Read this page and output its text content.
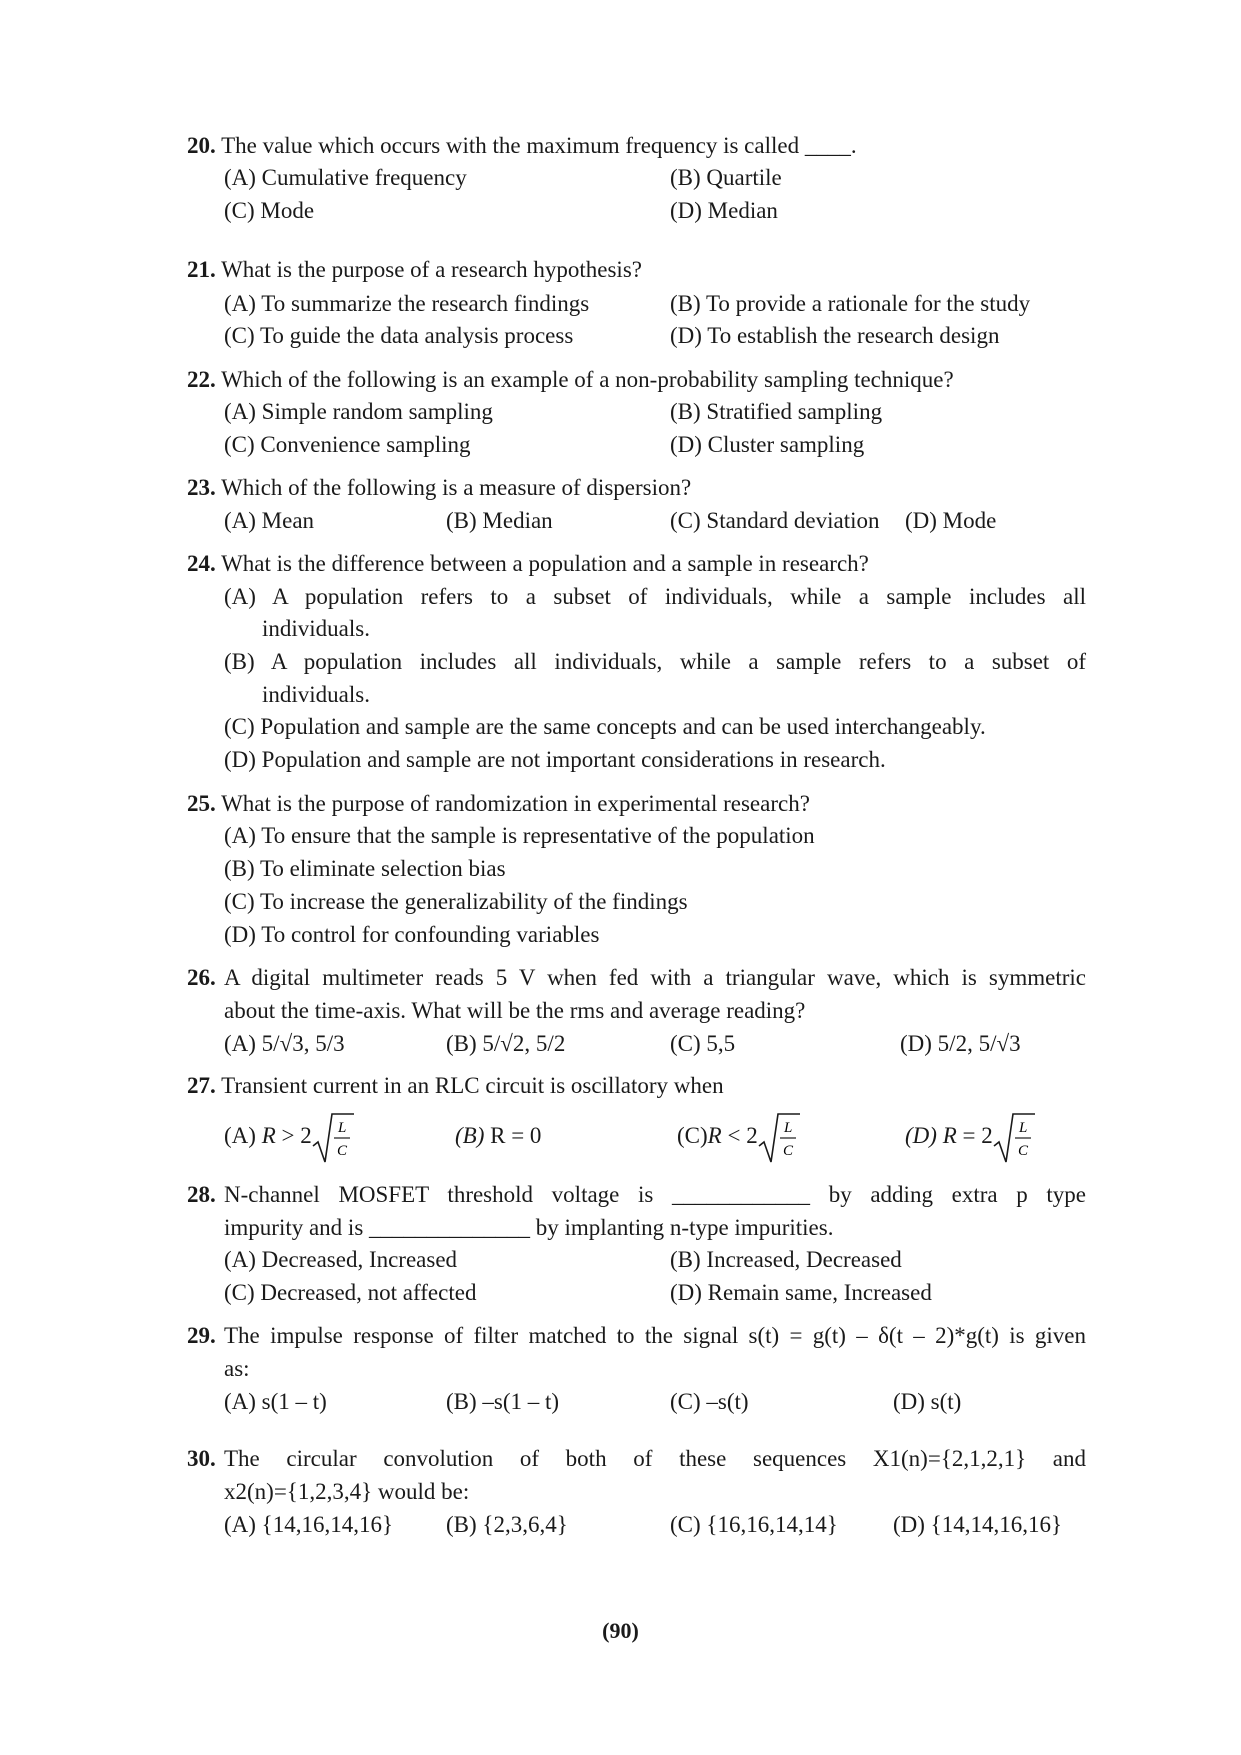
20. The value which occurs with the maximum frequency is called ____.
(A) Cumulative frequency	(B) Quartile
(C) Mode	(D) Median
21. What is the purpose of a research hypothesis?
(A) To summarize the research findings	(B) To provide a rationale for the study
(C) To guide the data analysis process	(D) To establish the research design
22. Which of the following is an example of a non-probability sampling technique?
(A) Simple random sampling	(B) Stratified sampling
(C) Convenience sampling	(D) Cluster sampling
23. Which of the following is a measure of dispersion?
(A) Mean	(B) Median	(C) Standard deviation (D) Mode
24. What is the difference between a population and a sample in research?
(A) A population refers to a subset of individuals, while a sample includes all
individuals.
(B) A population includes all individuals, while a sample refers to a subset of
individuals.
(C) Population and sample are the same concepts and can be used interchangeably.
(D) Population and sample are not important considerations in research.
25. What is the purpose of randomization in experimental research?
(A) To ensure that the sample is representative of the population
(B) To eliminate selection bias
(C) To increase the generalizability of the findings
(D) To control for confounding variables
26. A digital multimeter reads 5 V when fed with a triangular wave, which is symmetric
about the time-axis. What will be the rms and average reading?
(A) 5/√3, 5/3	(B) 5/√2, 5/2	(C) 5,5	(D) 5/2, 5/√3
27. Transient current in an RLC circuit is oscillatory when
(A) R > 2 L
C
(B) R = 0	(C)R < 2 L
C
(D) R = 2 L
C
28. N-channel MOSFET threshold voltage is ____________ by adding extra p type
impurity and is ______________ by implanting n-type impurities.
(A) Decreased, Increased	(B) Increased, Decreased
(C) Decreased, not affected	(D) Remain same, Increased
29. The impulse response of filter matched to the signal s(t) = g(t) – δ(t – 2)*g(t) is given
as:
(A) s(1 – t)	(B) –s(1 – t)	(C) –s(t)	(D) s(t)
30. The circular convolution of both of these sequences X1(n)={2,1,2,1} and
x2(n)={1,2,3,4} would be:
(A) {14,16,14,16} (B) {2,3,6,4}	(C) {16,16,14,14} (D) {14,14,16,16}
(90)
